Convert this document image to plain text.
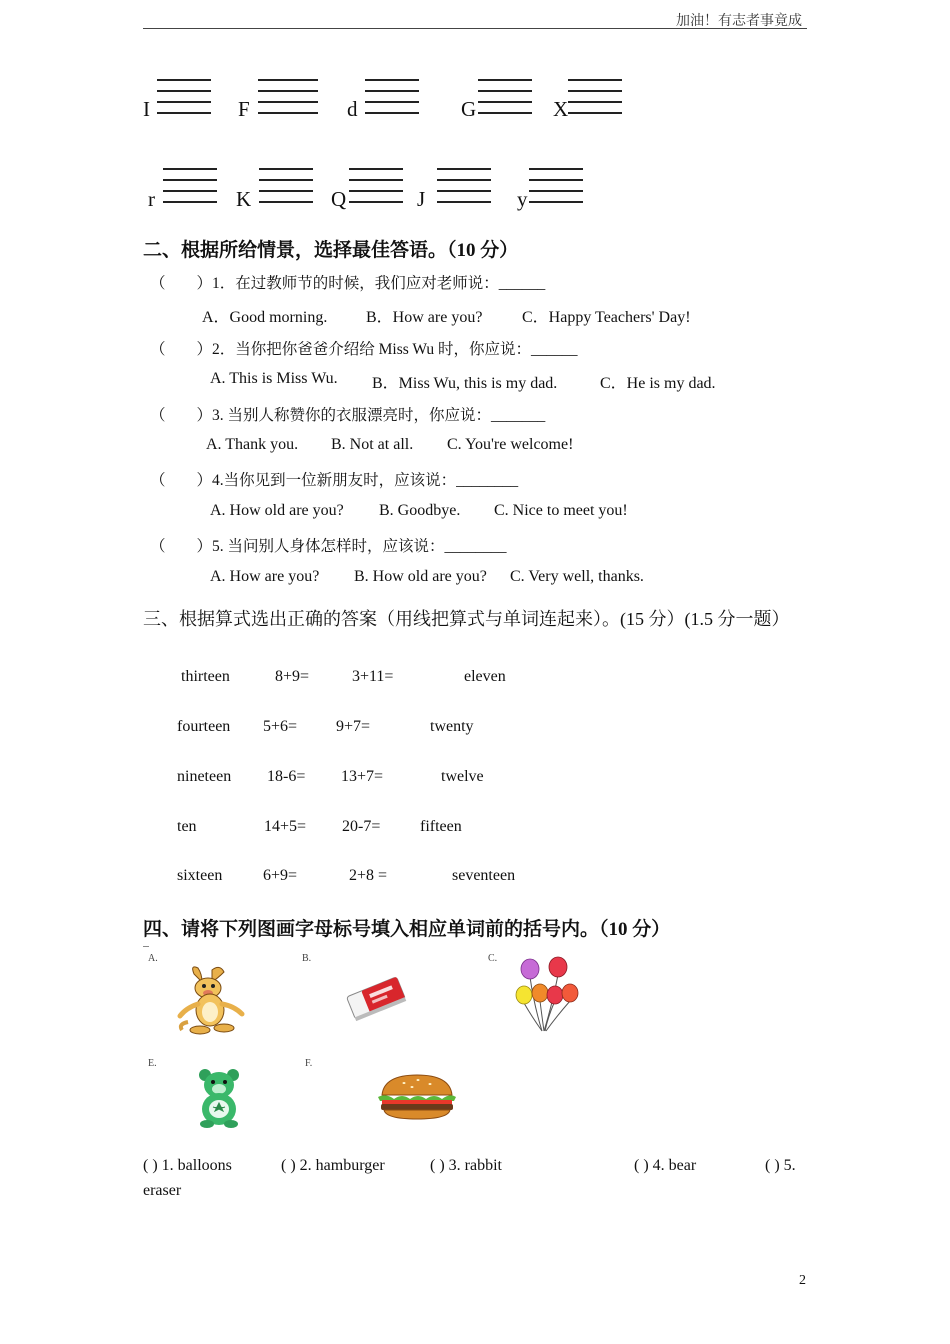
加油！有志者事竟成
I	F	d	G	X
r	K	Q	J	y
二、根据所给情景，选择最佳答语。（10 分）
（　　）1．在过教师节的时候，我们应对老师说：______
A．Good morning. B．How are you? C．Happy Teachers' Day!
（　　）2．当你把你爸爸介绍给 Miss Wu 时，你应说：______
A. This is Miss Wu. B．Miss Wu, this is my dad.	C．He is my dad.
（　　）3. 当别人称赞你的衣服漂亮时，你应说：_______
A. Thank you. B. Not at all. C. You're welcome!
（　　）4.当你见到一位新朋友时，应该说：________
A. How old are you? B. Goodbye. C. Nice to meet you!
（　　）5. 当问别人身体怎样时，应该说：________
A. How are you? B. How old are you? C. Very well, thanks.
三、根据算式选出正确的答案（用线把算式与单词连起来）。(15 分）(1.5 分一题）
thirteen	8+9=	3+11=	eleven
fourteen 5+6= 9+7=	twenty
nineteen 18-6= 13+7=	twelve
ten	14+5= 20-7= fifteen
sixteen	6+9=	2+8 =	seventeen
四、请将下列图画字母标号填入相应单词前的括号内。（10 分）
A.	B.	C.
E.	F.
( ) 1. balloons	( ) 2. hamburger	( ) 3. rabbit	( ) 4. bear	( ) 5.
eraser
2
